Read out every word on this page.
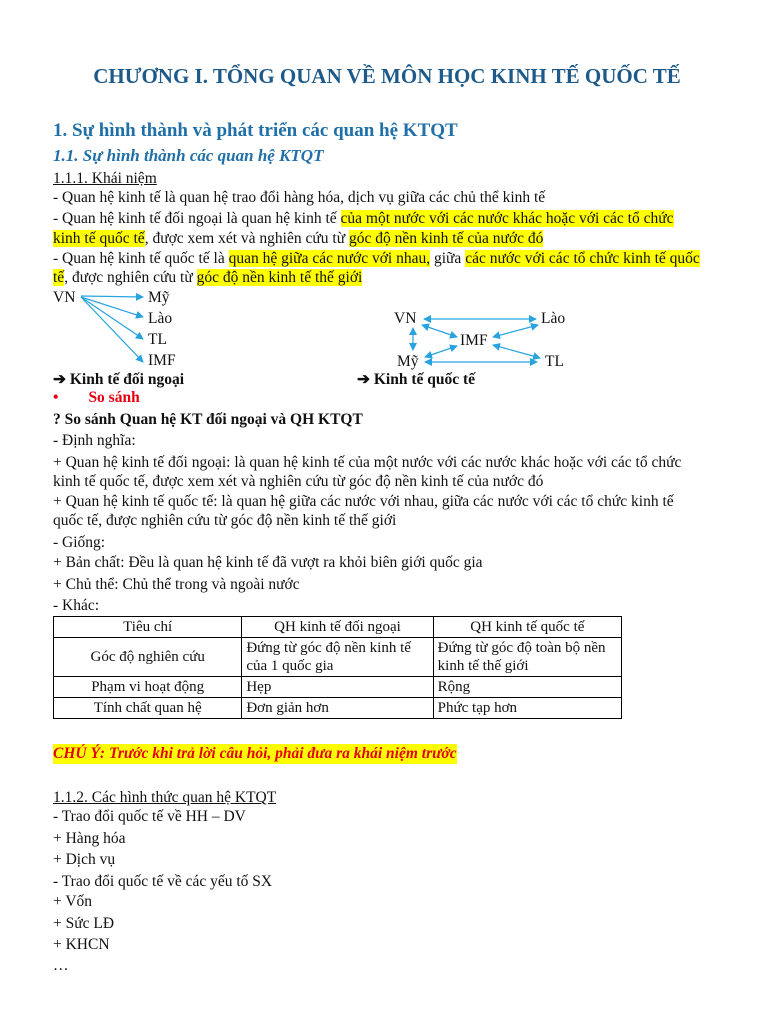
CHƯƠNG I. TỔNG QUAN VỀ MÔN HỌC KINH TẾ QUỐC TẾ
1. Sự hình thành và phát triển các quan hệ KTQT
1.1. Sự hình thành các quan hệ KTQT
1.1.1. Khái niệm
- Quan hệ kinh tế là quan hệ trao đổi hàng hóa, dịch vụ giữa các chủ thể kinh tế
- Quan hệ kinh tế đối ngoại là quan hệ kinh tế của một nước với các nước khác hoặc với các tổ chức
kinh tế quốc tế, được xem xét và nghiên cứu từ góc độ nền kinh tế của nước đó
- Quan hệ kinh tế quốc tế là quan hệ giữa các nước với nhau, giữa các nước với các tổ chức kinh tế quốc
tế, được nghiên cứu từ góc độ nền kinh tế thế giới
VN	Mỹ
Lào
TL
IMF
VN	Lào
IMF
Mỹ	TL
➔ Kinh tế đối ngoại	➔ Kinh tế quốc tế
• So sánh
? So sánh Quan hệ KT đối ngoại và QH KTQT
- Định nghĩa:
+ Quan hệ kinh tế đối ngoại: là quan hệ kinh tế của một nước với các nước khác hoặc với các tổ chức
kinh tế quốc tế, được xem xét và nghiên cứu từ góc độ nền kinh tế của nước đó
+ Quan hệ kinh tế quốc tế: là quan hệ giữa các nước với nhau, giữa các nước với các tổ chức kinh tế
quốc tế, được nghiên cứu từ góc độ nền kinh tế thế giới
- Giống:
+ Bản chất: Đều là quan hệ kinh tế đã vượt ra khỏi biên giới quốc gia
+ Chủ thể: Chủ thể trong và ngoài nước
- Khác:
Tiêu chí	QH kinh tế đối ngoại	QH kinh tế quốc tế
Góc độ nghiên cứu	Đứng từ góc độ nền kinh tế của 1 quốc gia	Đứng từ góc độ toàn bộ nền kinh tế thế giới
Phạm vi hoạt động	Hẹp	Rộng
Tính chất quan hệ	Đơn giản hơn	Phức tạp hơn
CHÚ Ý: Trước khi trả lời câu hỏi, phải đưa ra khái niệm trước
1.1.2. Các hình thức quan hệ KTQT
- Trao đổi quốc tế về HH – DV
+ Hàng hóa
+ Dịch vụ
- Trao đổi quốc tế về các yếu tố SX
+ Vốn
+ Sức LĐ
+ KHCN
…
